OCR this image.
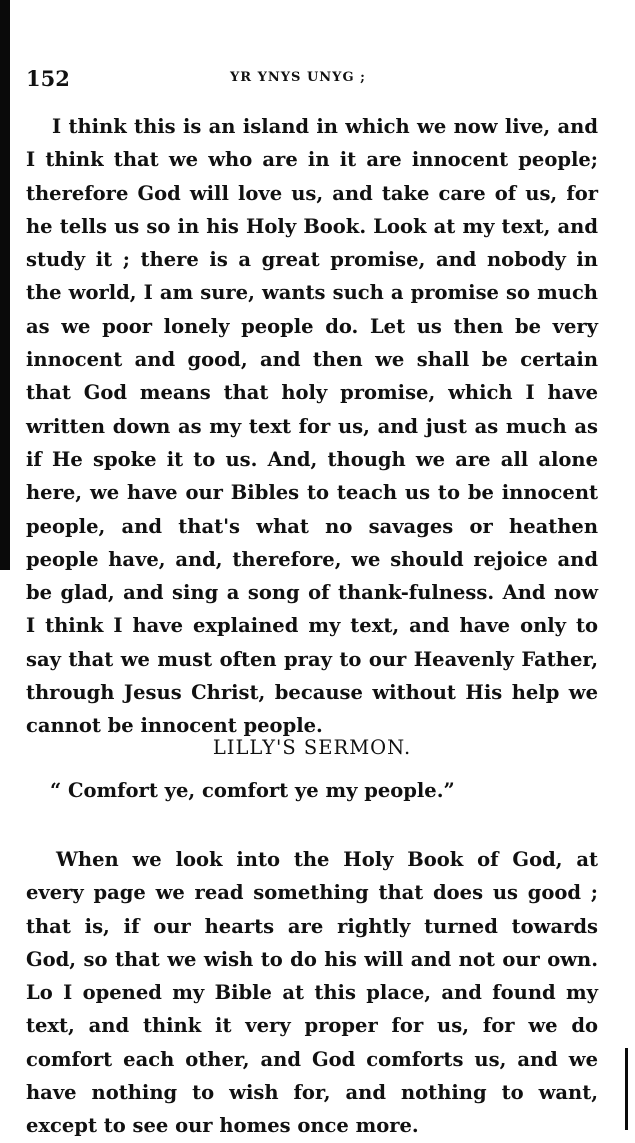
152	YR YNYS UNYG ;

I think this is an island in which we now live, and I think that we who are in it are innocent people; therefore God will love us, and take care of us, for he tells us so in his Holy Book. Look at my text, and study it ; there is a great promise, and nobody in the world, I am sure, wants such a promise so much as we poor lonely people do. Let us then be very innocent and good, and then we shall be certain that God means that holy promise, which I have written down as my text for us, and just as much as if He spoke it to us. And, though we are all alone here, we have our Bibles to teach us to be innocent people, and that's what no savages or heathen people have, and, therefore, we should rejoice and be glad, and sing a song of thank-fulness. And now I think I have explained my text, and have only to say that we must often pray to our Heavenly Father, through Jesus Christ, because without His help we cannot be innocent people.

LILLY'S SERMON.

“ Comfort ye, comfort ye my people.”

When we look into the Holy Book of God, at every page we read something that does us good ; that is, if our hearts are rightly turned towards God, so that we wish to do his will and not our own. Lo I opened my Bible at this place, and found my text, and think it very proper for us, for we do comfort each other, and God comforts us, and we have nothing to wish for, and nothing to want, except to see our homes once more.
